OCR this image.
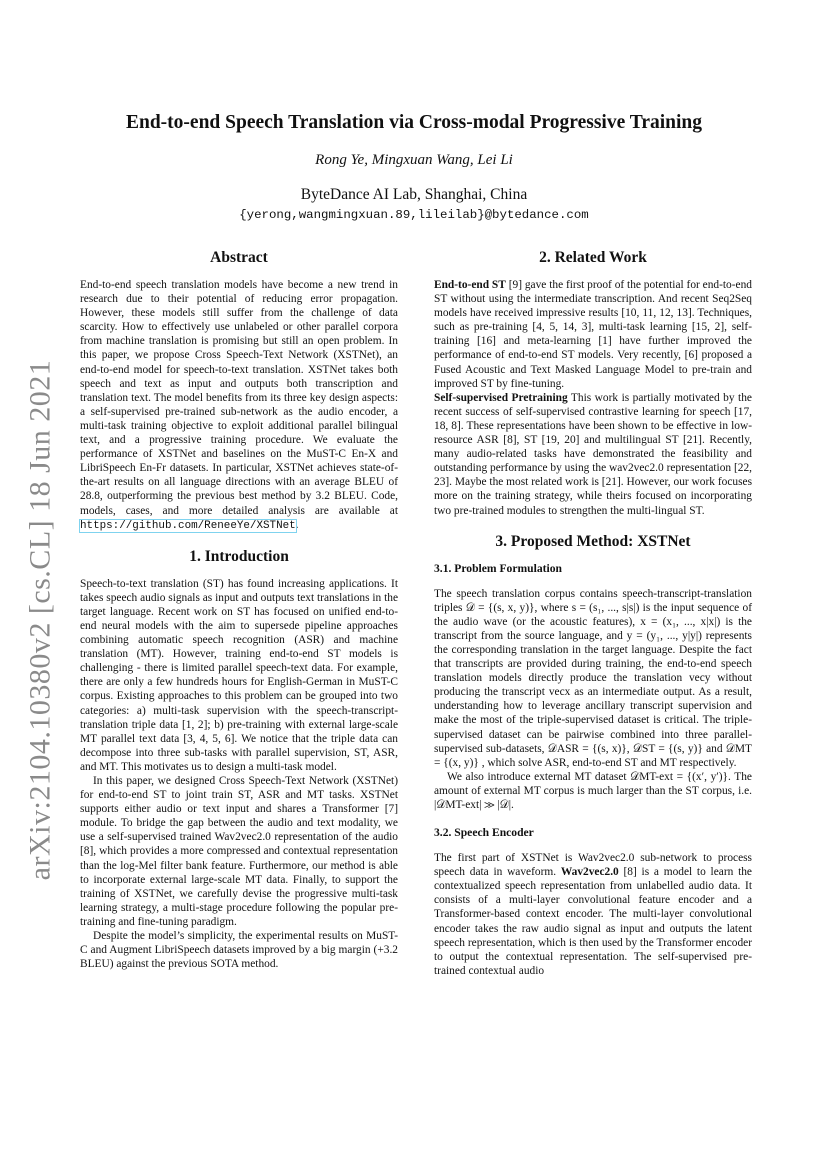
arXiv:2104.10380v2 [cs.CL] 18 Jun 2021
End-to-end Speech Translation via Cross-modal Progressive Training
Rong Ye, Mingxuan Wang, Lei Li
ByteDance AI Lab, Shanghai, China
{yerong,wangmingxuan.89,lileilab}@bytedance.com
Abstract

End-to-end speech translation models have become a new trend in research due to their potential of reducing error propagation. However, these models still suffer from the challenge of data scarcity. How to effectively use unlabeled or other parallel corpora from machine translation is promising but still an open problem. In this paper, we propose Cross Speech-Text Network (XSTNet), an end-to-end model for speech-to-text translation. XSTNet takes both speech and text as input and outputs both transcription and translation text. The model benefits from its three key design aspects: a self-supervised pre-trained sub-network as the audio encoder, a multi-task training objective to exploit additional parallel bilingual text, and a progressive training procedure. We evaluate the performance of XSTNet and baselines on the MuST-C En-X and LibriSpeech En-Fr datasets. In particular, XSTNet achieves state-of-the-art results on all language directions with an average BLEU of 28.8, outperforming the previous best method by 3.2 BLEU. Code, models, cases, and more detailed analysis are available at https://github.com/ReneeYe/XSTNet.

1. Introduction

Speech-to-text translation (ST) has found increasing applications. It takes speech audio signals as input and outputs text translations in the target language. Recent work on ST has focused on unified end-to-end neural models with the aim to supersede pipeline approaches combining automatic speech recognition (ASR) and machine translation (MT). However, training end-to-end ST models is challenging - there is limited parallel speech-text data. For example, there are only a few hundreds hours for English-German in MuST-C corpus. Existing approaches to this problem can be grouped into two categories: a) multi-task supervision with the speech-transcript-translation triple data [1, 2]; b) pre-training with external large-scale MT parallel text data [3, 4, 5, 6]. We notice that the triple data can decompose into three sub-tasks with parallel supervision, ST, ASR, and MT. This motivates us to design a multi-task model.

In this paper, we designed Cross Speech-Text Network (XSTNet) for end-to-end ST to joint train ST, ASR and MT tasks. XSTNet supports either audio or text input and shares a Transformer [7] module. To bridge the gap between the audio and text modality, we use a self-supervised trained Wav2vec2.0 representation of the audio [8], which provides a more compressed and contextual representation than the log-Mel filter bank feature. Furthermore, our method is able to incorporate external large-scale MT data. Finally, to support the training of XSTNet, we carefully devise the progressive multi-task learning strategy, a multi-stage procedure following the popular pre-training and fine-tuning paradigm.

Despite the model’s simplicity, the experimental results on MuST-C and Augment LibriSpeech datasets improved by a big margin (+3.2 BLEU) against the previous SOTA method.

2. Related Work

End-to-end ST [9] gave the first proof of the potential for end-to-end ST without using the intermediate transcription. And recent Seq2Seq models have received impressive results [10, 11, 12, 13]. Techniques, such as pre-training [4, 5, 14, 3], multi-task learning [15, 2], self-training [16] and meta-learning [1] have further improved the performance of end-to-end ST models. Very recently, [6] proposed a Fused Acoustic and Text Masked Language Model to pre-train and improved ST by fine-tuning.

Self-supervised Pretraining This work is partially motivated by the recent success of self-supervised contrastive learning for speech [17, 18, 8]. These representations have been shown to be effective in low-resource ASR [8], ST [19, 20] and multilingual ST [21]. Recently, many audio-related tasks have demonstrated the feasibility and outstanding performance by using the wav2vec2.0 representation [22, 23]. Maybe the most related work is [21]. However, our work focuses more on the training strategy, while theirs focused on incorporating two pre-trained modules to strengthen the multi-lingual ST.

3. Proposed Method: XSTNet
3.1. Problem Formulation

The speech translation corpus contains speech-transcript-translation triples 𝒟 = {(s, x, y)}, where s = (s₁, ..., s|s|) is the input sequence of the audio wave (or the acoustic features), x = (x₁, ..., x|x|) is the transcript from the source language, and y = (y₁, ..., y|y|) represents the corresponding translation in the target language. Despite the fact that transcripts are provided during training, the end-to-end speech translation models directly produce the translation vecy without producing the transcript vecx as an intermediate output. As a result, understanding how to leverage ancillary transcript supervision and make the most of the triple-supervised dataset is critical. The triple-supervised dataset can be pairwise combined into three parallel-supervised sub-datasets, 𝒟ASR = {(s, x)}, 𝒟ST = {(s, y)} and 𝒟MT = {(x, y)} , which solve ASR, end-to-end ST and MT respectively.

We also introduce external MT dataset 𝒟MT-ext = {(x′, y′)}. The amount of external MT corpus is much larger than the ST corpus, i.e. |𝒟MT-ext| ≫ |𝒟|.

3.2. Speech Encoder

The first part of XSTNet is Wav2vec2.0 sub-network to process speech data in waveform. Wav2vec2.0 [8] is a model to learn the contextualized speech representation from unlabelled audio data. It consists of a multi-layer convolutional feature encoder and a Transformer-based context encoder. The multi-layer convolutional encoder takes the raw audio signal as input and outputs the latent speech representation, which is then used by the Transformer encoder to output the contextual representation. The self-supervised pre-trained contextual audio
